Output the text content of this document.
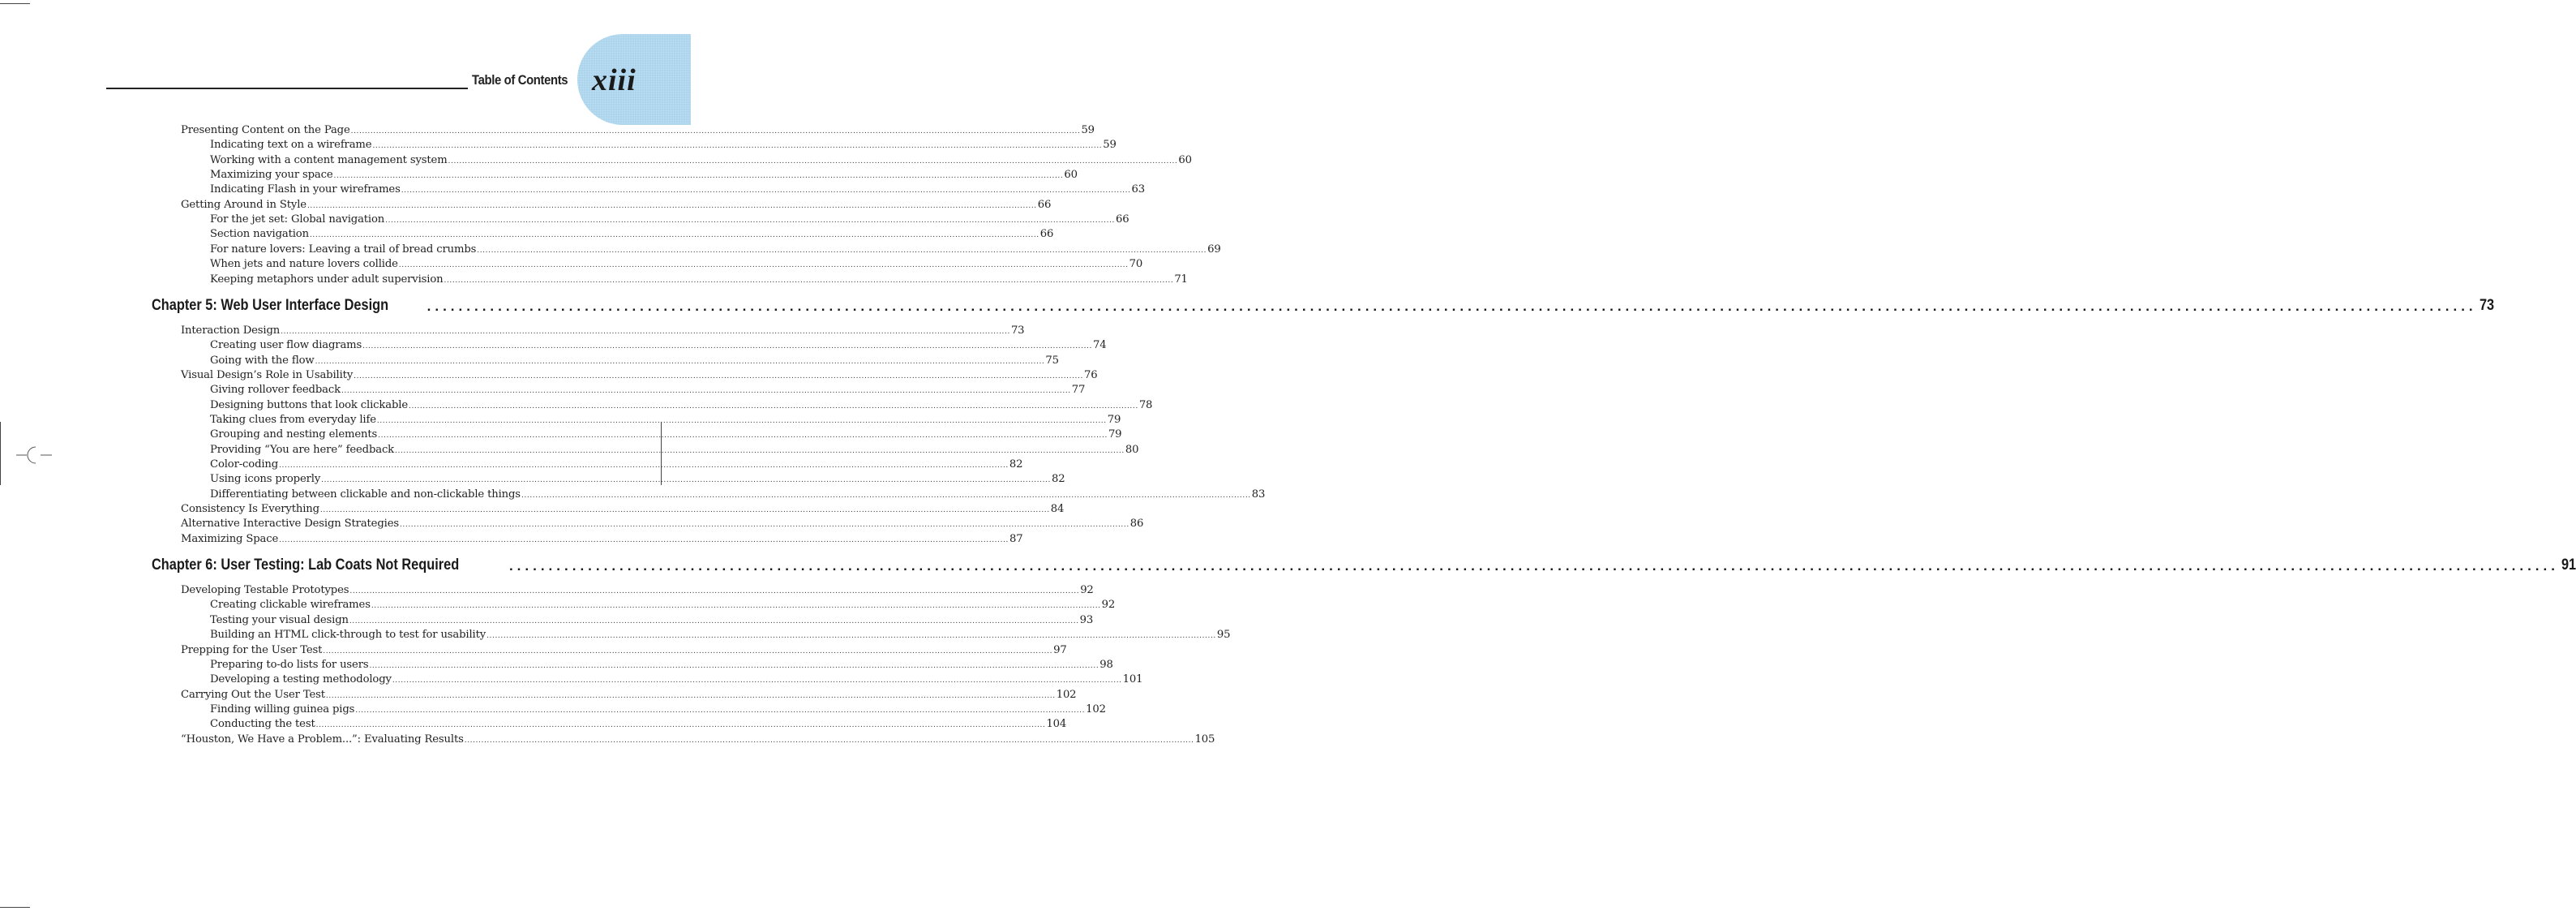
Table of Contents xiii
Presenting Content on the Page .................................................................................................................................................................................................................................................................... 59
Indicating text on a wireframe .................................................................................................................................................................................................................................................................... 59
Working with a content management system .................................................................................................................................................................................................................................................................... 60
Maximizing your space .................................................................................................................................................................................................................................................................... 60
Indicating Flash in your wireframes .................................................................................................................................................................................................................................................................... 63
Getting Around in Style .................................................................................................................................................................................................................................................................... 66
For the jet set: Global navigation .................................................................................................................................................................................................................................................................... 66
Section navigation .................................................................................................................................................................................................................................................................... 66
For nature lovers: Leaving a trail of bread crumbs .................................................................................................................................................................................................................................................................... 69
When jets and nature lovers collide .................................................................................................................................................................................................................................................................... 70
Keeping metaphors under adult supervision .................................................................................................................................................................................................................................................................... 71
Chapter 5: Web User Interface Design	.................................................................................................................................................................................................................................................................... 73
Interaction Design .................................................................................................................................................................................................................................................................... 73
Creating user flow diagrams .................................................................................................................................................................................................................................................................... 74
Going with the flow .................................................................................................................................................................................................................................................................... 75
Visual Design’s Role in Usability .................................................................................................................................................................................................................................................................... 76
Giving rollover feedback .................................................................................................................................................................................................................................................................... 77
Designing buttons that look clickable .................................................................................................................................................................................................................................................................... 78
Taking clues from everyday life .................................................................................................................................................................................................................................................................... 79
Grouping and nesting elements .................................................................................................................................................................................................................................................................... 79
Providing “You are here” feedback .................................................................................................................................................................................................................................................................... 80
Color-coding .................................................................................................................................................................................................................................................................... 82
Using icons properly .................................................................................................................................................................................................................................................................... 82
Differentiating between clickable and non-clickable things .................................................................................................................................................................................................................................................................... 83
Consistency Is Everything .................................................................................................................................................................................................................................................................... 84
Alternative Interactive Design Strategies .................................................................................................................................................................................................................................................................... 86
Maximizing Space .................................................................................................................................................................................................................................................................... 87
Chapter 6: User Testing: Lab Coats Not Required	.................................................................................................................................................................................................................................................................... 91
Developing Testable Prototypes .................................................................................................................................................................................................................................................................... 92
Creating clickable wireframes .................................................................................................................................................................................................................................................................... 92
Testing your visual design .................................................................................................................................................................................................................................................................... 93
Building an HTML click-through to test for usability .................................................................................................................................................................................................................................................................... 95
Prepping for the User Test .................................................................................................................................................................................................................................................................... 97
Preparing to-do lists for users .................................................................................................................................................................................................................................................................... 98
Developing a testing methodology .................................................................................................................................................................................................................................................................... 101
Carrying Out the User Test .................................................................................................................................................................................................................................................................... 102
Finding willing guinea pigs .................................................................................................................................................................................................................................................................... 102
Conducting the test .................................................................................................................................................................................................................................................................... 104
“Houston, We Have a Problem...”: Evaluating Results .................................................................................................................................................................................................................................................................... 105
